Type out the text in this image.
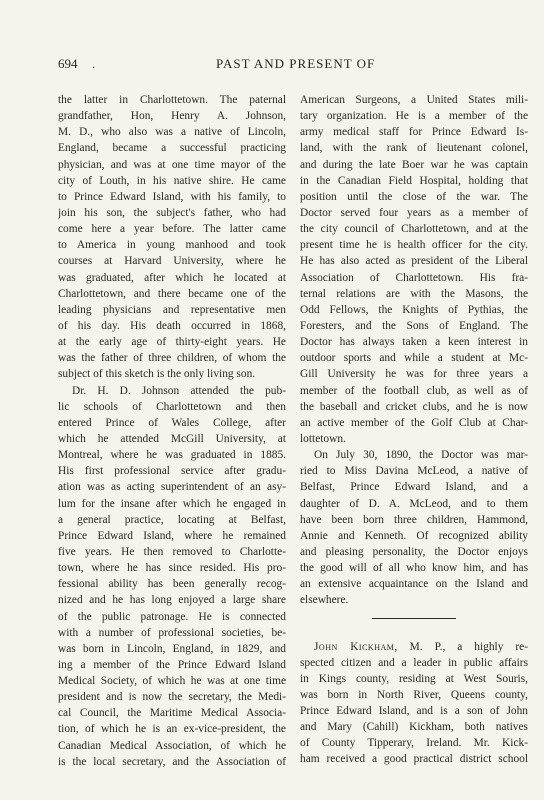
694 .	PAST AND PRESENT OF
the latter in Charlottetown. The paternal
grandfather, Hon, Henry A. Johnson,
M. D., who also was a native of Lincoln,
England, became a successful practicing
physician, and was at one time mayor of the
city of Louth, in his native shire. He came
to Prince Edward Island, with his family, to
join his son, the subject's father, who had
come here a year before. The latter came
to America in young manhood and took
courses at Harvard University, where he
was graduated, after which he located at
Charlottetown, and there became one of the
leading physicians and representative men
of his day. His death occurred in 1868,
at the early age of thirty-eight years. He
was the father of three children, of whom the
subject of this sketch is the only living son.
Dr. H. D. Johnson attended the pub-
lic schools of Charlottetown and then
entered Prince of Wales College, after
which he attended McGill University, at
Montreal, where he was graduated in 1885.
His first professional service after gradu-
ation was as acting superintendent of an asy-
lum for the insane after which he engaged in
a general practice, locating at Belfast,
Prince Edward Island, where he remained
five years. He then removed to Charlotte-
town, where he has since resided. His pro-
fessional ability has been generally recog-
nized and he has long enjoyed a large share
of the public patronage. He is connected
with a number of professional societies, be-
was born in Lincoln, England, in 1829, and
ing a member of the Prince Edward Island
Medical Society, of which he was at one time
president and is now the secretary, the Medi-
cal Council, the Maritime Medical Associa-
tion, of which he is an ex-vice-president, the
Canadian Medical Association, of which he
is the local secretary, and the Association of
American Surgeons, a United States mili-
tary organization. He is a member of the
army medical staff for Prince Edward Is-
land, with the rank of lieutenant colonel,
and during the late Boer war he was captain
in the Canadian Field Hospital, holding that
position until the close of the war. The
Doctor served four years as a member of
the city council of Charlottetown, and at the
present time he is health officer for the city.
He has also acted as president of the Liberal
Association of Charlottetown. His fra-
ternal relations are with the Masons, the
Odd Fellows, the Knights of Pythias, the
Foresters, and the Sons of England. The
Doctor has always taken a keen interest in
outdoor sports and while a student at Mc-
Gill University he was for three years a
member of the football club, as well as of
the baseball and cricket clubs, and he is now
an active member of the Golf Club at Char-
lottetown.
On July 30, 1890, the Doctor was mar-
ried to Miss Davina McLeod, a native of
Belfast, Prince Edward Island, and a
daughter of D. A. McLeod, and to them
have been born three children, Hammond,
Annie and Kenneth. Of recognized ability
and pleasing personality, the Doctor enjoys
the good will of all who know him, and has
an extensive acquaintance on the Island and
elsewhere.
John Kickham, M. P., a highly re-
spected citizen and a leader in public affairs
in Kings county, residing at West Souris,
was born in North River, Queens county,
Prince Edward Island, and is a son of John
and Mary (Cahill) Kickham, both natives
of County Tipperary, Ireland. Mr. Kick-
ham received a good practical district school
